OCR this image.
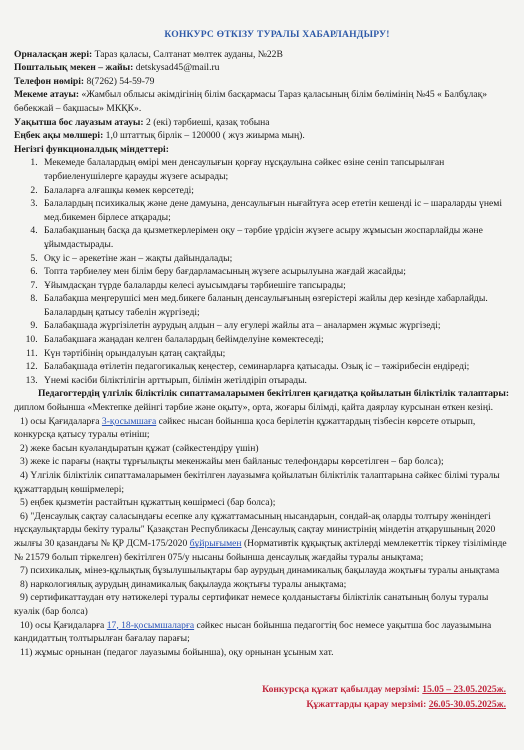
КОНКУРС ӨТКІЗУ ТУРАЛЫ ХАБАРЛАНДЫРУ!

Орналасқан жері: Тараз қаласы, Салтанат мөлтек ауданы, №22В

Поштальық мекен – жайы: detskysad45@mail.ru

Телефон нөмірі: 8(7262) 54-59-79

Мекеме атауы: «Жамбыл облысы әкімдігінің білім басқармасы Тараз қаласының білім бөлімінің №45 « Балбұлақ» бөбекжай – бақшасы» МКҚК».

Уақытша бос лауазым атауы: 2 (екі) тәрбиеші, қазақ тобына

Еңбек ақы мөлшері: 1,0 штаттық бірлік – 120000 ( жүз жиырма мың).

Негізгі функционалдық міндеттері:

1. Мекемеде балалардың өмірі мен денсаулығын қорғау нұсқаулына сәйкес өзіне сеніп тапсырылған тәрбиеленушілерге қарауды жүзеге асырады;
2. Балаларға алғашқы көмек көрсетеді;
3. Балалардың психикалық және дене дамуына, денсаулығын нығайтуға әсер ететін кешенді іс – шараларды үнемі мед.бикемен бірлесе атқарады;
4. Балабақшаның басқа да қызметкерлерімен оқу – тәрбие үрдісін жүзеге асыру жұмысын жоспарлайды және ұйымдастырады.
5. Оқу іс – әрекетіне жан – жақты дайындалады;
6. Топта тәрбиелеу мен білім беру бағдарламасының жүзеге асырылуына жағдай жасайды;
7. Ұйымдасқан түрде балаларды келесі ауысымдағы тәрбиешіге тапсырады;
8. Балабақша меңгерушісі мен мед.бикеге баланың денсаулығының өзгерістері жайлы дер кезінде хабарлайды. Балалардың қатысу табелін жүргізеді;
9. Балабақшада жүргізілетін аурудың алдын – алу егулері жайлы ата – аналармен жұмыс жүргізеді;
10. Балабақшаға жаңадан келген балалардың бейімделуіне көмектеседі;
11. Күн тәртібінің орындалуын қатаң сақтайды;
12. Балабақшада өтілетін педагогикалық кеңестер, семинарларға қатысады. Озық іс – тәжірибесін ендіреді;
13. Үнемі кәсіби біліктілігін арттырып, білімін жетілдіріп отырады.

Педагогтердің үлгілік біліктілік сипаттамаларымен бекітілген қағидатқа қойылатын біліктілік талаптары: диплом бойынша «Мектепке дейінгі тәрбие және оқыту», орта, жоғары білімді, қайта даярлау курсынан өткен кезіңі.

1) осы Қағидаларға 3-қосымшаға сәйкес нысан бойынша қоса берілетін құжаттардың тізбесін көрсете отырып, конкурсқа қатысу туралы өтініш;

2) жеке басын куәландыратын құжат (сәйкестендіру үшін)

3) жеке іс парағы (нақты тұрғылықты мекенжайы мен байланыс телефондары көрсетілген – бар болса);

4) Үлгілік біліктілік сипаттамаларымен бекітілген лауазымға қойылатын біліктілік талаптарына сәйкес білімі туралы құжаттардың көшірмелері;

5) еңбек қызметін растайтын құжаттың көшірмесі (бар болса);

6) "Денсаулық сақтау саласындағы есепке алу құжаттамасының нысандарын, сондай-ақ оларды толтыру жөніндегі нұсқаулықтарды бекіту туралы" Қазақстан Республикасы Денсаулық сақтау министрінің міндетін атқарушының 2020 жылғы 30 қазандағы № ҚР ДСМ-175/2020 бұйрығымен (Нормативтік құқықтық актілерді мемлекеттік тіркеу тізілімінде № 21579 болып тіркелген) бекітілген 075/у нысаны бойынша денсаулық жағдайы туралы анықтама;

7) психикалық, мінез-құлықтық бұзылушылықтары бар аурудың динамикалық бақылауда жоқтығы туралы анықтама

8) наркологиялық аурудың динамикалық бақылауда жоқтығы туралы анықтама;

9) сертификаттаудан өту нәтижелері туралы сертификат немесе қолданыстағы біліктілік санатының болуы туралы куәлік (бар болса)

10) осы Қағидаларға 17, 18-қосымшаларға сәйкес нысан бойынша педагогтің бос немесе уақытша бос лауазымына кандидаттың толтырылған бағалау парағы;

11) жұмыс орнынан (педагог лауазымы бойынша), оқу орнынан ұсыным хат.

Конкурсқа құжат қабылдау мерзімі: 15.05 – 23.05.2025ж.
Құжаттарды қарау мерзімі: 26.05-30.05.2025ж.
